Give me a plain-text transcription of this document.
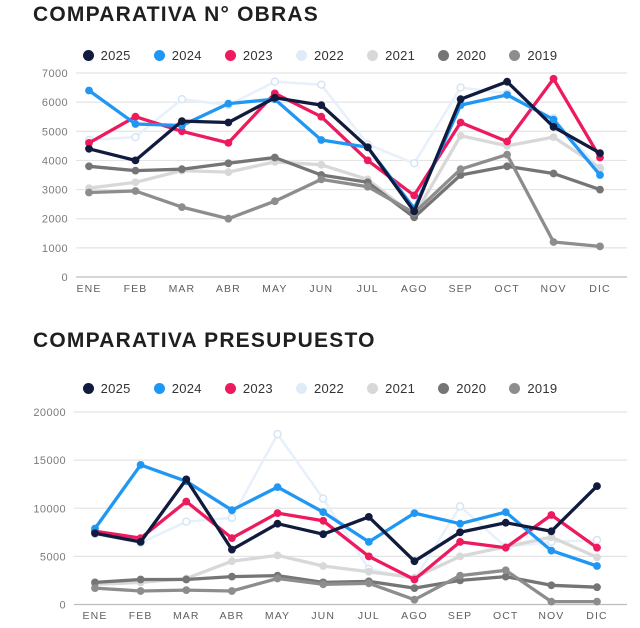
COMPARATIVA N° OBRAS
2025	2024	2023	2022	2021	2020	2019
0
1000
2000
3000
4000
5000
6000
7000
ENE FEB MAR ABR MAY JUN JUL AGO SEP OCT NOV DIC
COMPARATIVA PRESUPUESTO
2025	2024	2023	2022	2021	2020	2019
0
5000
10000
15000
20000
ENE FEB MAR ABR MAY JUN JUL AGO SEP OCT NOV DIC
